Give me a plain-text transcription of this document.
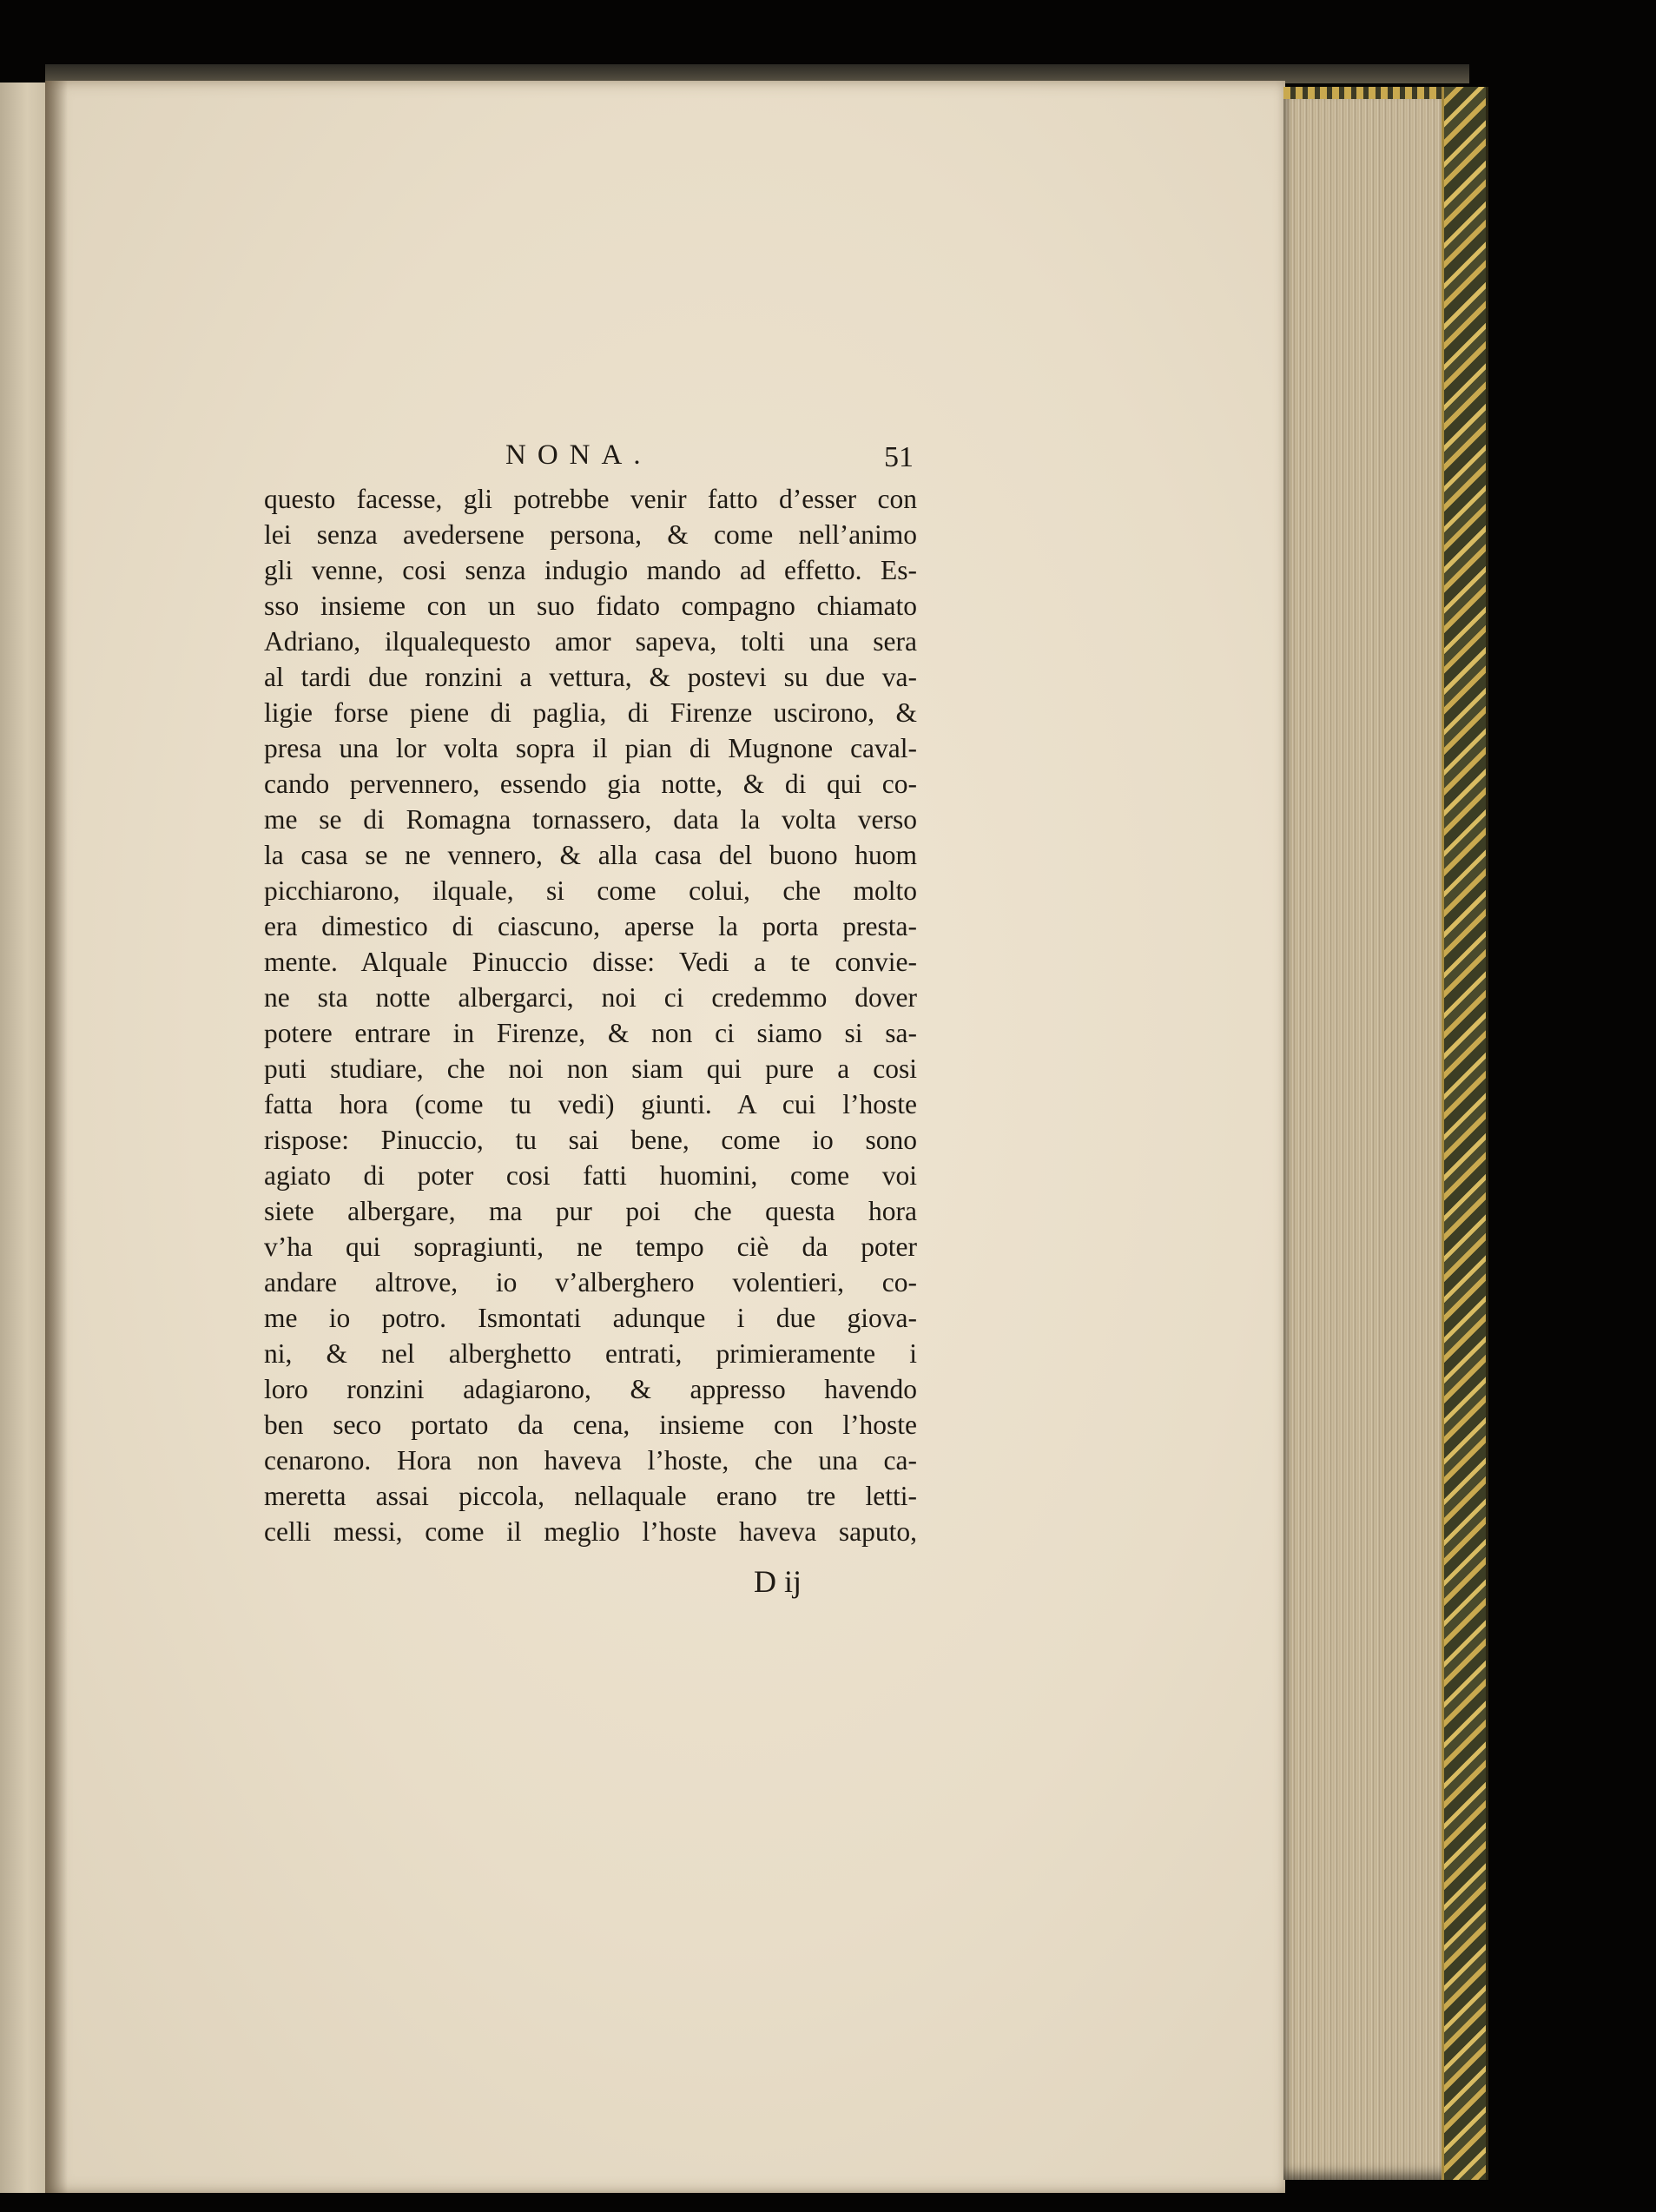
NONA.	51
questo facesse, gli potrebbe venir fatto d’esser con
lei senza avedersene persona, & come nell’animo
gli venne, cosi senza indugio mando ad effetto. Es-
sso insieme con un suo fidato compagno chiamato
Adriano, ilqualequesto amor sapeva, tolti una sera
al tardi due ronzini a vettura, & postevi su due va-
ligie forse piene di paglia, di Firenze uscirono, &
presa una lor volta sopra il pian di Mugnone caval-
cando pervennero, essendo gia notte, & di qui co-
me se di Romagna tornassero, data la volta verso
la casa se ne vennero, & alla casa del buono huom
picchiarono, ilquale, si come colui, che molto
era dimestico di ciascuno, aperse la porta presta-
mente. Alquale Pinuccio disse: Vedi a te convie-
ne sta notte albergarci, noi ci credemmo dover
potere entrare in Firenze, & non ci siamo si sa-
puti studiare, che noi non siam qui pure a cosi
fatta hora (come tu vedi) giunti. A cui l’hoste
rispose: Pinuccio, tu sai bene, come io sono
agiato di poter cosi fatti huomini, come voi
siete albergare, ma pur poi che questa hora
v’ha qui sopragiunti, ne tempo ciè da poter
andare altrove, io v’alberghero volentieri, co-
me io potro. Ismontati adunque i due giova-
ni, & nel alberghetto entrati, primieramente i
loro ronzini adagiarono, & appresso havendo
ben seco portato da cena, insieme con l’hoste
cenarono. Hora non haveva l’hoste, che una ca-
meretta assai piccola, nellaquale erano tre letti-
celli messi, come il meglio l’hoste haveva saputo,
D ij
